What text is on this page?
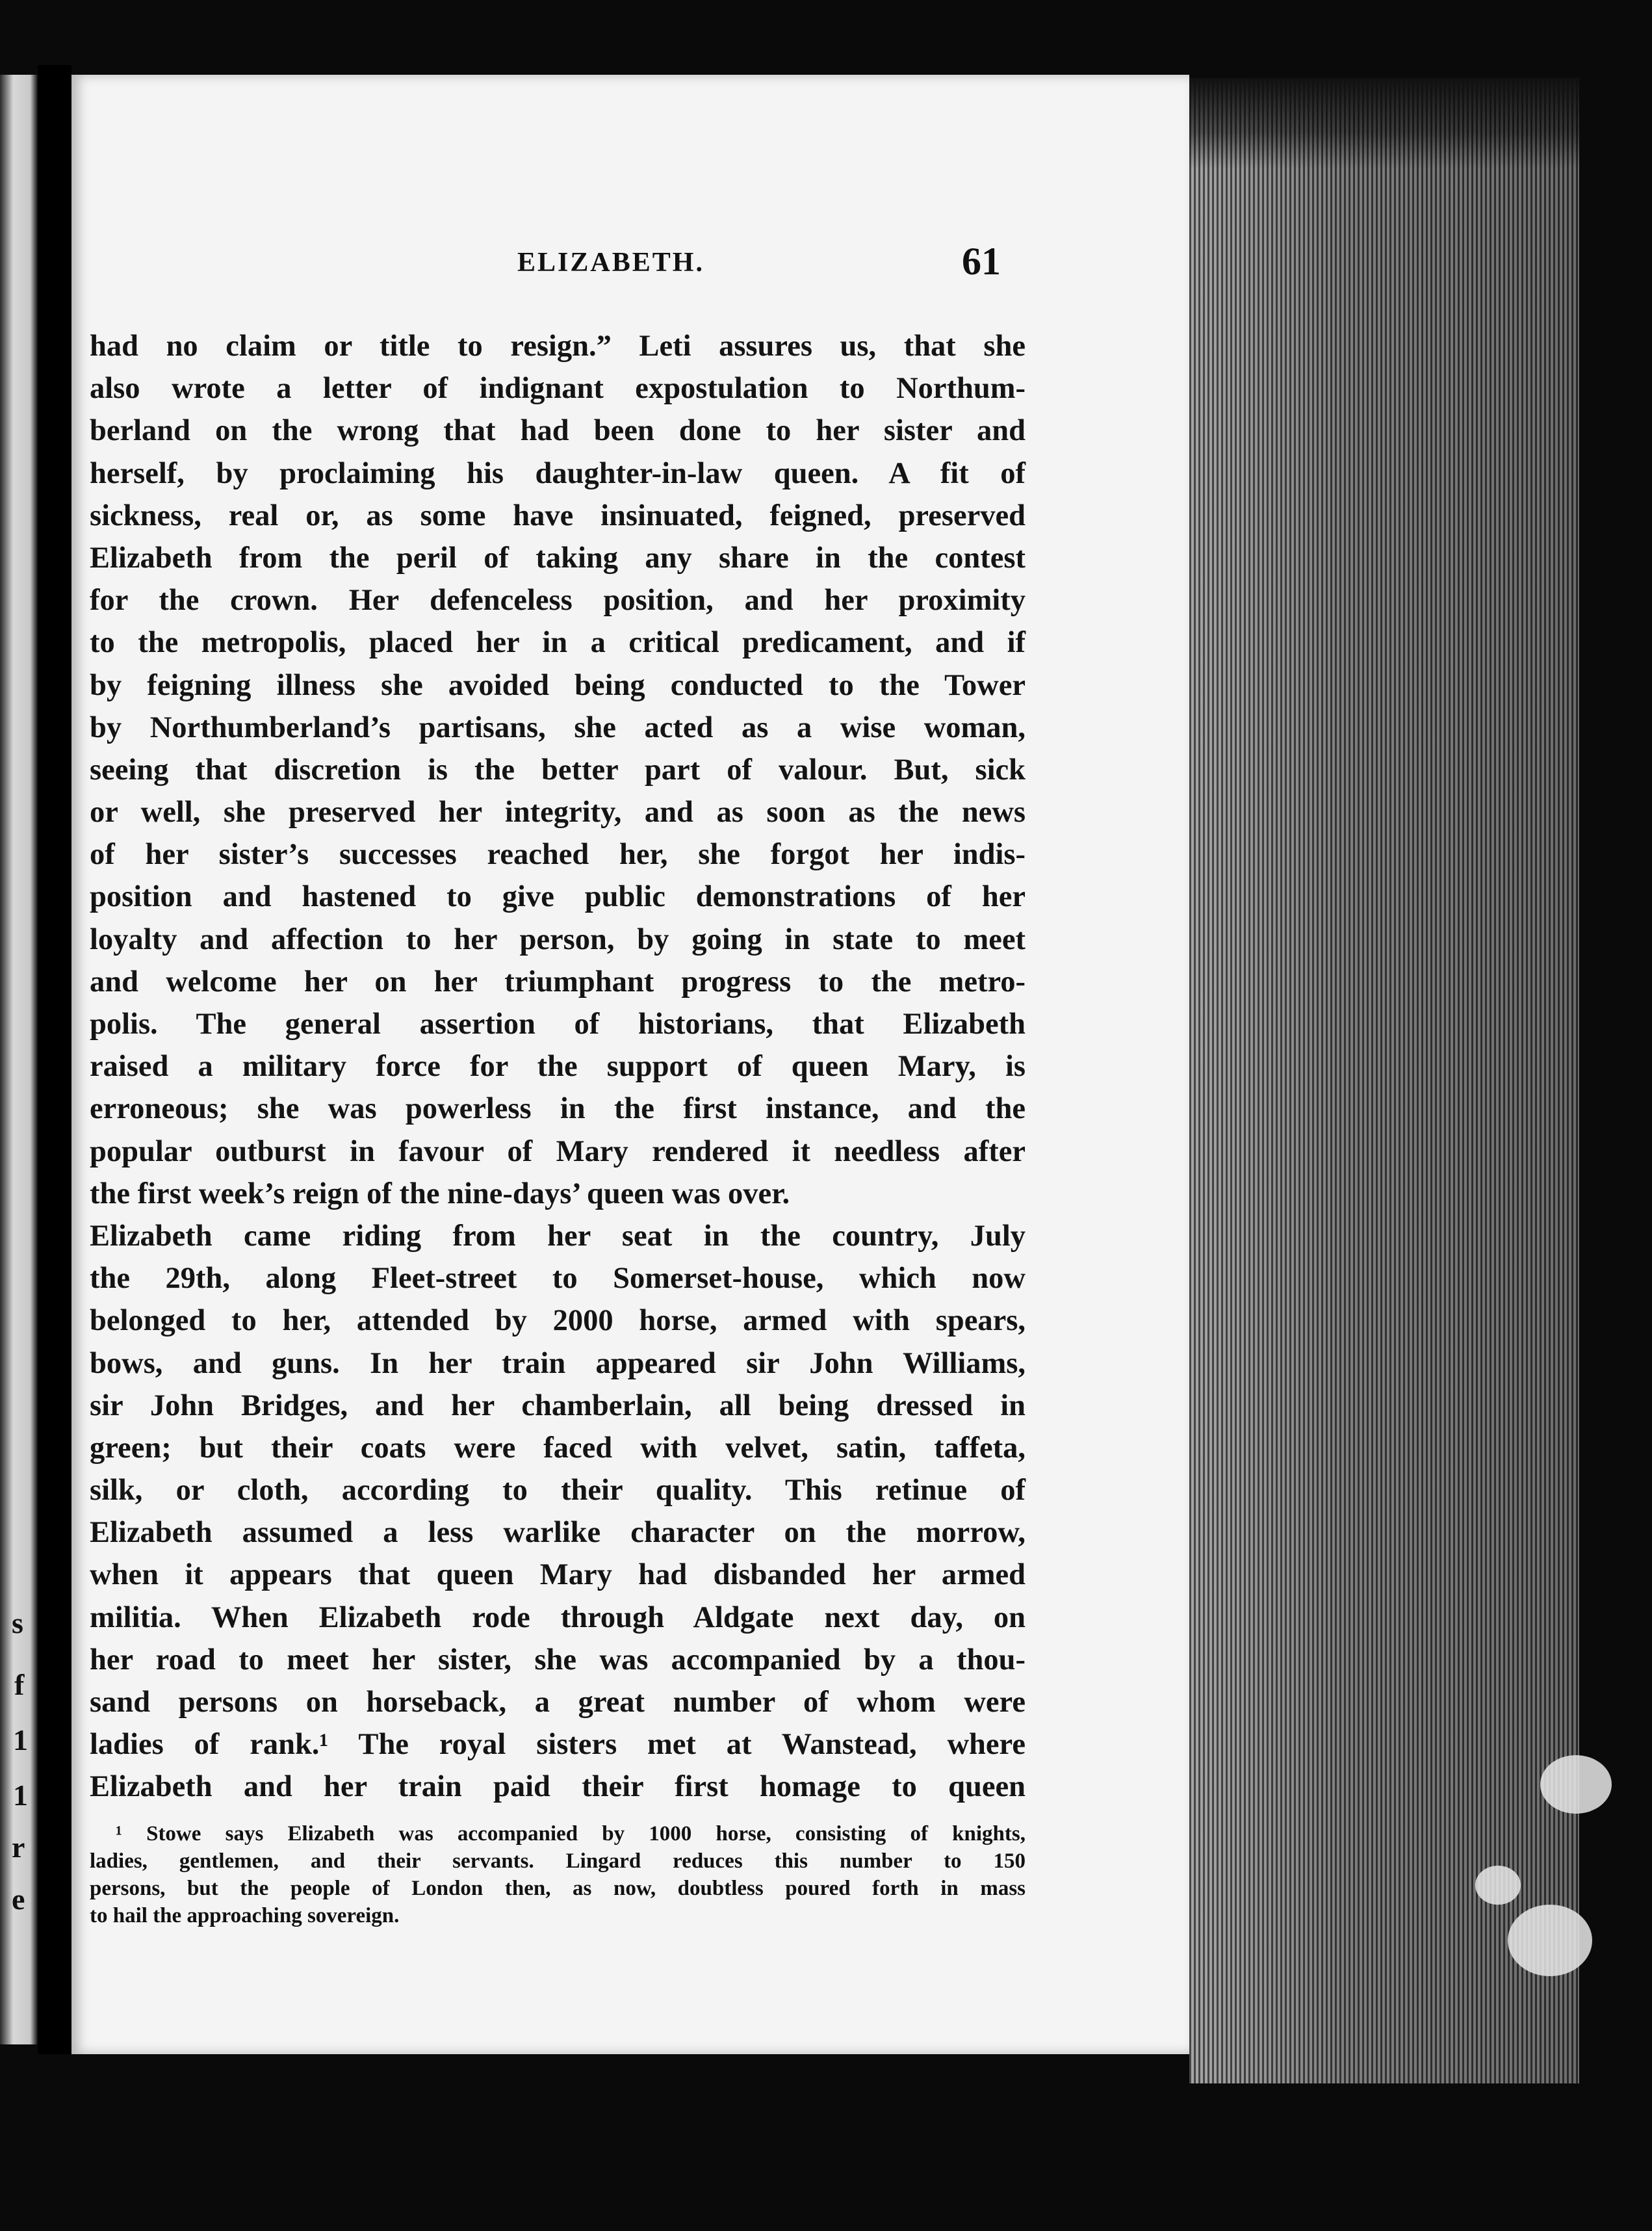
s
f
1
1
r
e
ELIZABETH.	61
had no claim or title to resign.” Leti assures us, that she
also wrote a letter of indignant expostulation to Northum-
berland on the wrong that had been done to her sister and
herself, by proclaiming his daughter-in-law queen. A fit of
sickness, real or, as some have insinuated, feigned, preserved
Elizabeth from the peril of taking any share in the contest
for the crown. Her defenceless position, and her proximity
to the metropolis, placed her in a critical predicament, and if
by feigning illness she avoided being conducted to the Tower
by Northumberland’s partisans, she acted as a wise woman,
seeing that discretion is the better part of valour. But, sick
or well, she preserved her integrity, and as soon as the news
of her sister’s successes reached her, she forgot her indis-
position and hastened to give public demonstrations of her
loyalty and affection to her person, by going in state to meet
and welcome her on her triumphant progress to the metro-
polis. The general assertion of historians, that Elizabeth
raised a military force for the support of queen Mary, is
erroneous; she was powerless in the first instance, and the
popular outburst in favour of Mary rendered it needless after
the first week’s reign of the nine-days’ queen was over.
Elizabeth came riding from her seat in the country, July
the 29th, along Fleet-street to Somerset-house, which now
belonged to her, attended by 2000 horse, armed with spears,
bows, and guns. In her train appeared sir John Williams,
sir John Bridges, and her chamberlain, all being dressed in
green; but their coats were faced with velvet, satin, taffeta,
silk, or cloth, according to their quality. This retinue of
Elizabeth assumed a less warlike character on the morrow,
when it appears that queen Mary had disbanded her armed
militia. When Elizabeth rode through Aldgate next day, on
her road to meet her sister, she was accompanied by a thou-
sand persons on horseback, a great number of whom were
ladies of rank.¹ The royal sisters met at Wanstead, where
Elizabeth and her train paid their first homage to queen
¹ Stowe says Elizabeth was accompanied by 1000 horse, consisting of knights,
ladies, gentlemen, and their servants. Lingard reduces this number to 150
persons, but the people of London then, as now, doubtless poured forth in mass
to hail the approaching sovereign.
